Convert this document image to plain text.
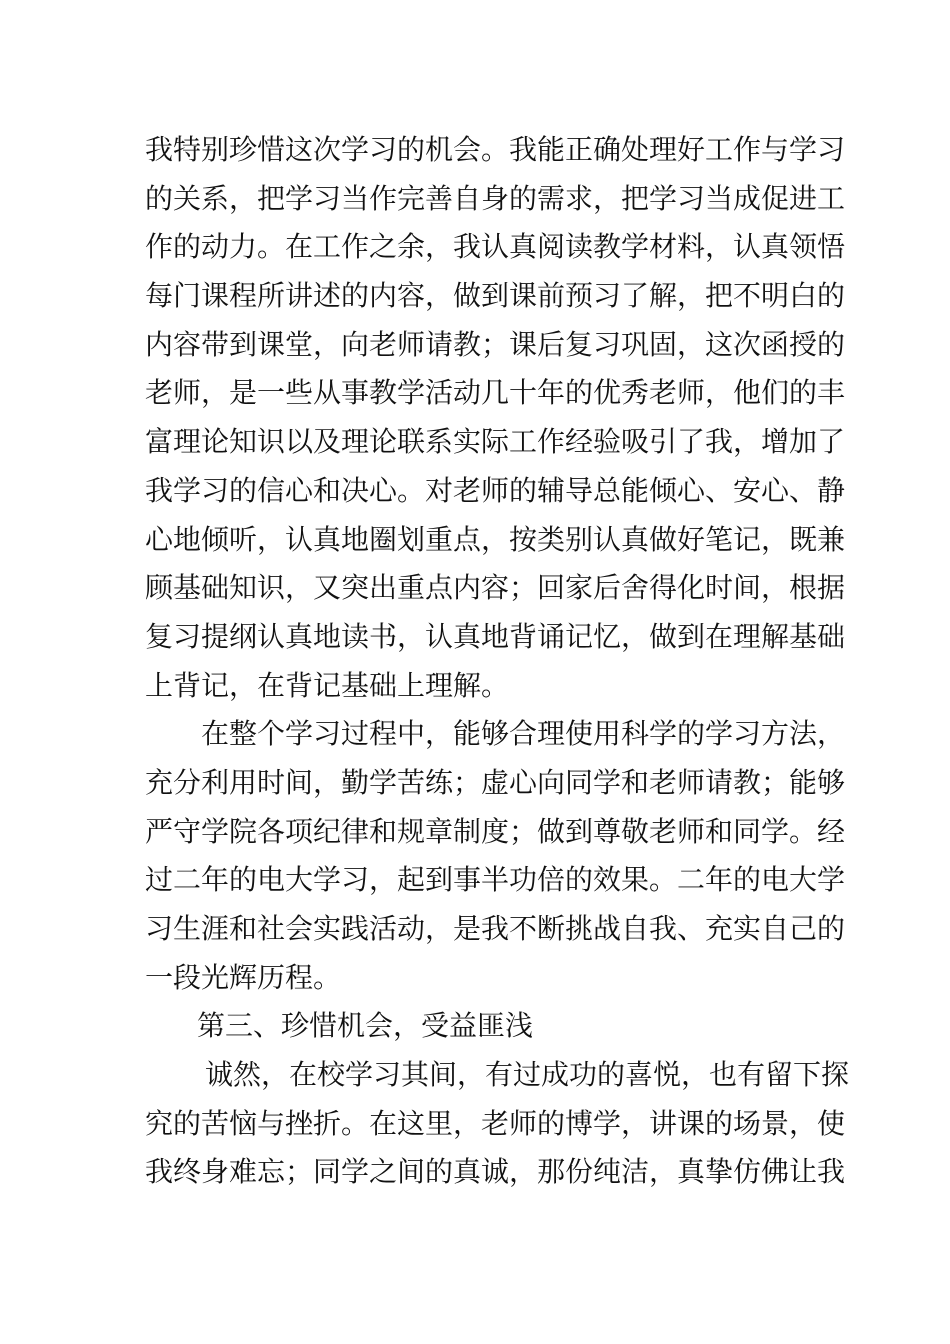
我特别珍惜这次学习的机会。我能正确处理好工作与学习
的关系，把学习当作完善自身的需求，把学习当成促进工
作的动力。在工作之余，我认真阅读教学材料，认真领悟
每门课程所讲述的内容，做到课前预习了解，把不明白的
内容带到课堂，向老师请教；课后复习巩固，这次函授的
老师，是一些从事教学活动几十年的优秀老师，他们的丰
富理论知识以及理论联系实际工作经验吸引了我，增加了
我学习的信心和决心。对老师的辅导总能倾心、安心、静
心地倾听，认真地圈划重点，按类别认真做好笔记，既兼
顾基础知识，又突出重点内容；回家后舍得化时间，根据
复习提纲认真地读书，认真地背诵记忆，做到在理解基础
上背记，在背记基础上理解。
在整个学习过程中，能够合理使用科学的学习方法，
充分利用时间，勤学苦练；虚心向同学和老师请教；能够
严守学院各项纪律和规章制度；做到尊敬老师和同学。经
过二年的电大学习，起到事半功倍的效果。二年的电大学
习生涯和社会实践活动，是我不断挑战自我、充实自己的
一段光辉历程。
第三、珍惜机会，受益匪浅
诚然，在校学习其间，有过成功的喜悦，也有留下探
究的苦恼与挫折。在这里，老师的博学，讲课的场景，使
我终身难忘；同学之间的真诚，那份纯洁，真挚仿佛让我
